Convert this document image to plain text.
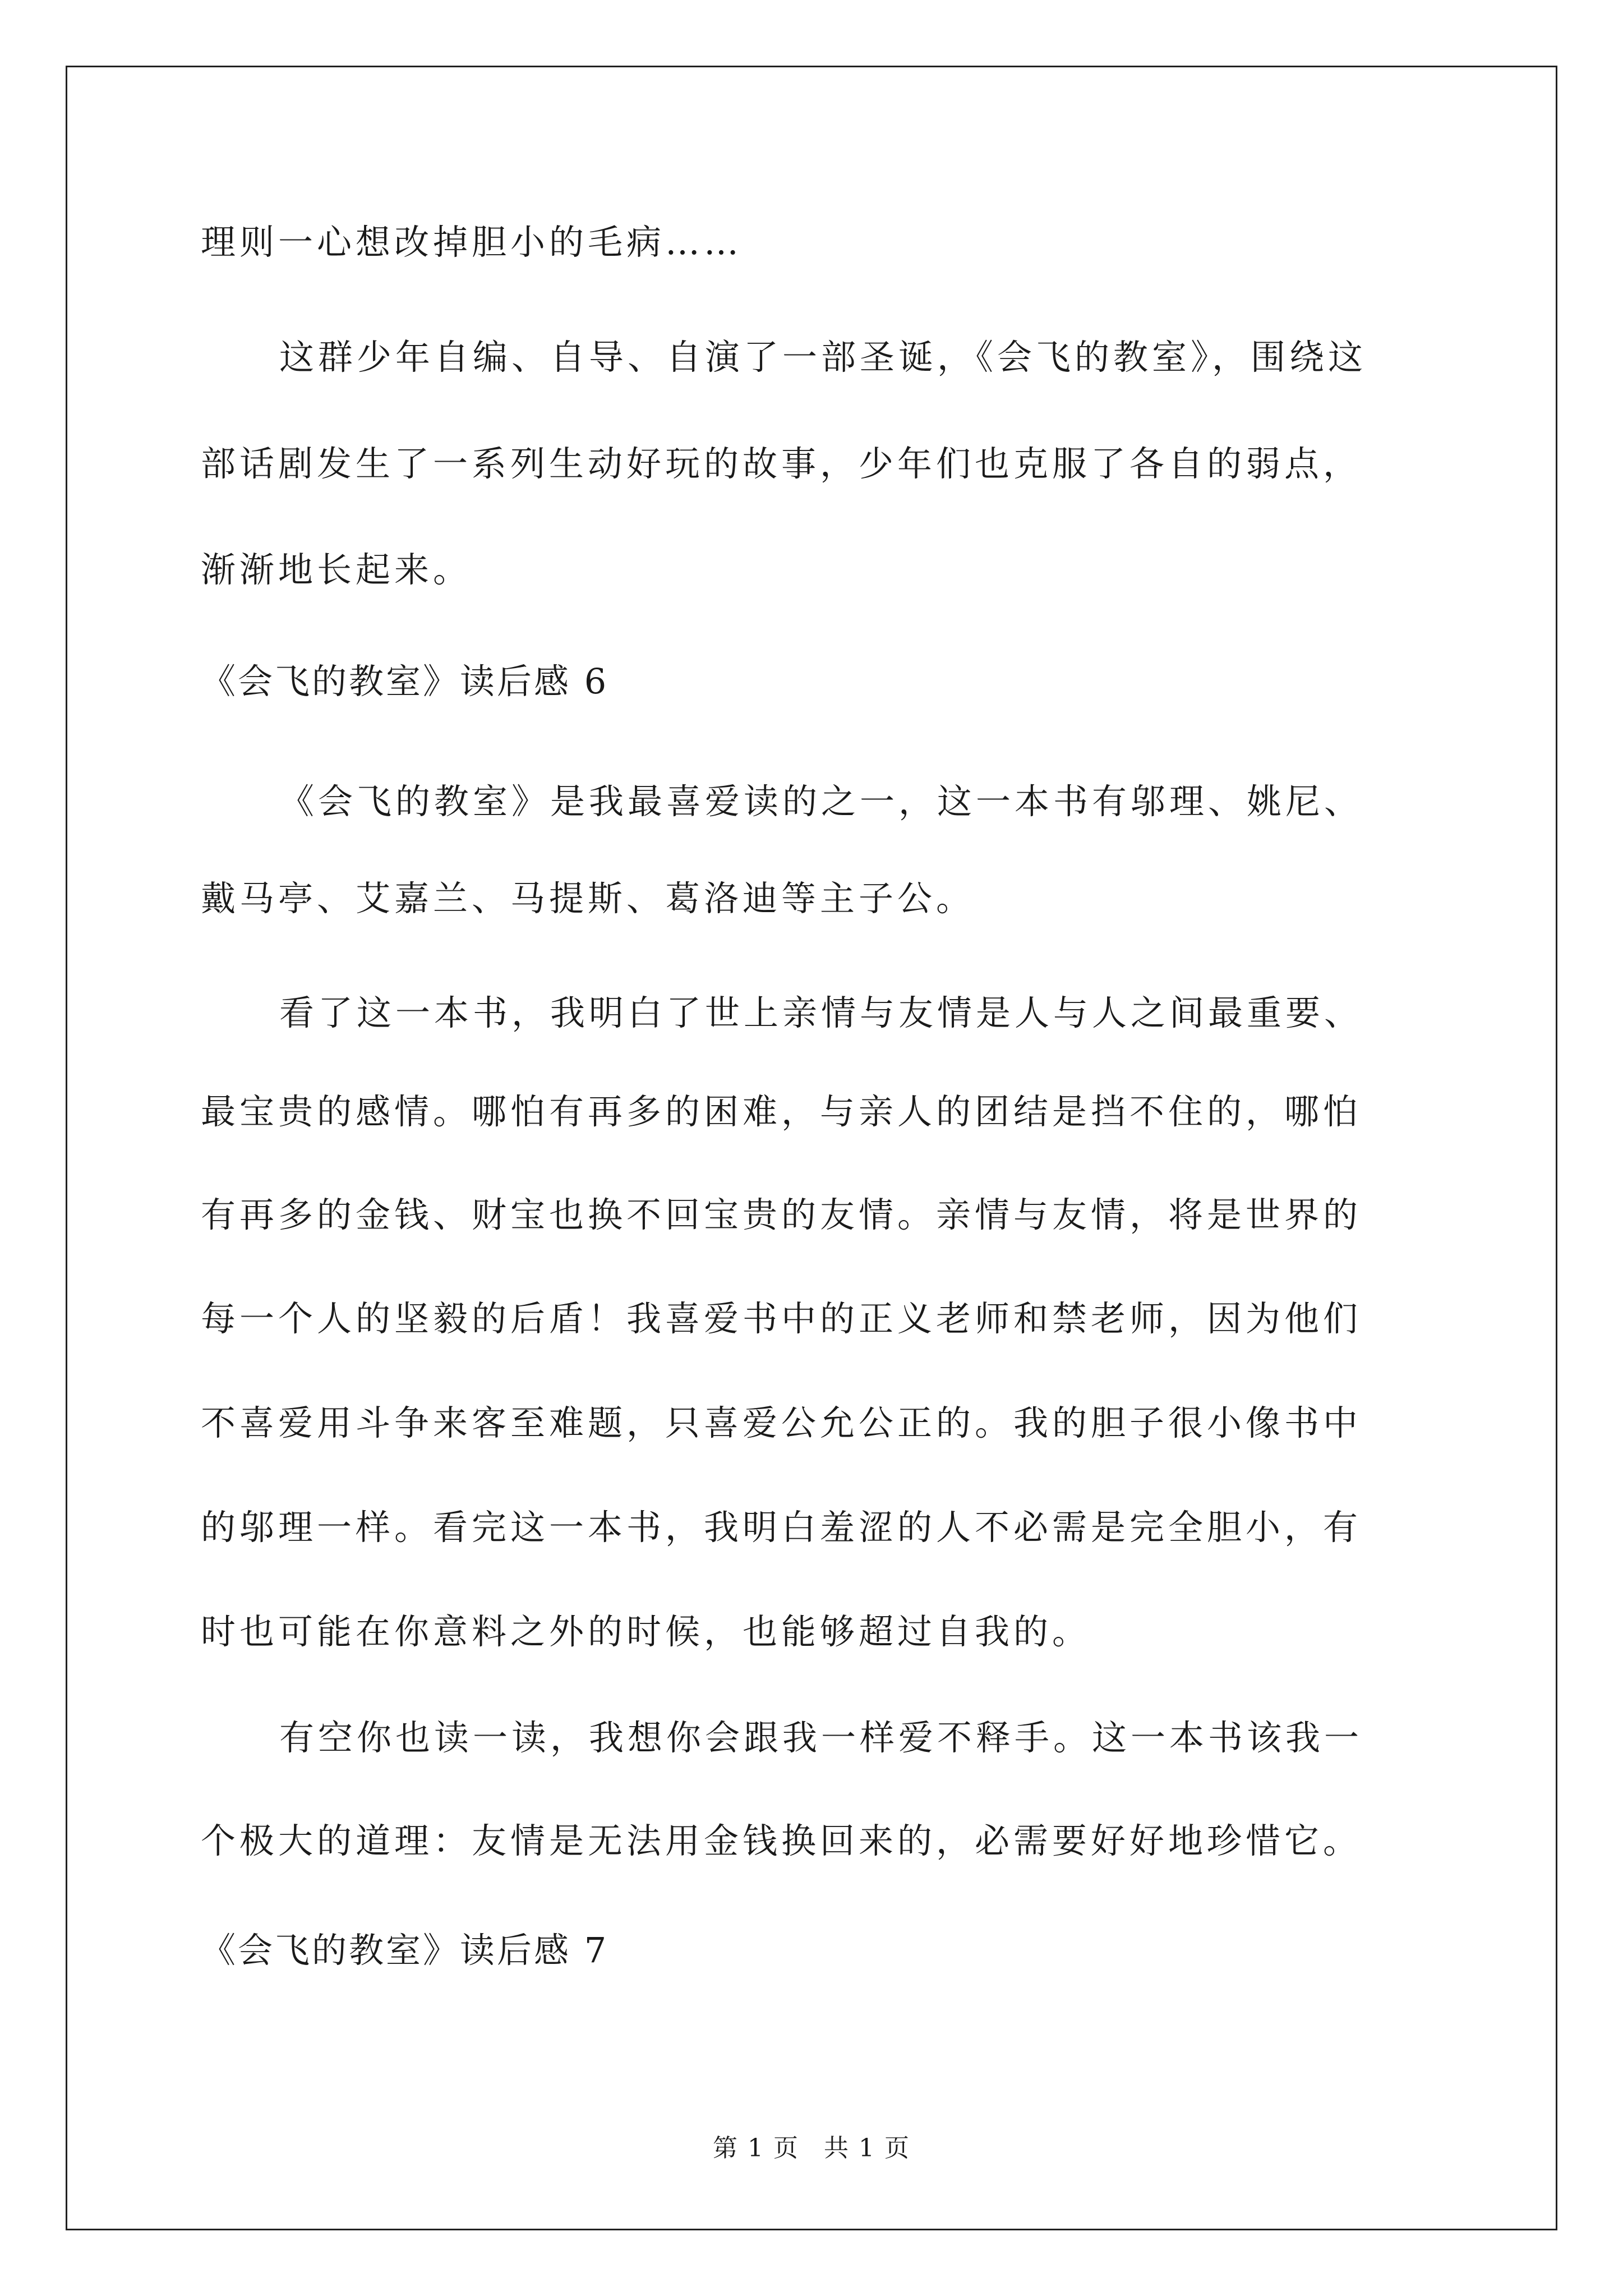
理则一心想改掉胆小的毛病……
这群少年自编、自导、自演了一部圣诞，《会飞的教室》，围绕这
部话剧发生了一系列生动好玩的故事，少年们也克服了各自的弱点，
渐渐地长起来。
《会飞的教室》读后感 6
《会飞的教室》是我最喜爱读的之一，这一本书有邬理、姚尼、
戴马亭、艾嘉兰、马提斯、葛洛迪等主子公。
看了这一本书，我明白了世上亲情与友情是人与人之间最重要、
最宝贵的感情。哪怕有再多的困难，与亲人的团结是挡不住的，哪怕
有再多的金钱、财宝也换不回宝贵的友情。亲情与友情，将是世界的
每一个人的坚毅的后盾！我喜爱书中的正义老师和禁老师，因为他们
不喜爱用斗争来客至难题，只喜爱公允公正的。我的胆子很小像书中
的邬理一样。看完这一本书，我明白羞涩的人不必需是完全胆小，有
时也可能在你意料之外的时候，也能够超过自我的。
有空你也读一读，我想你会跟我一样爱不释手。这一本书该我一
个极大的道理：友情是无法用金钱换回来的，必需要好好地珍惜它。
《会飞的教室》读后感 7
第 1 页 共 1 页
